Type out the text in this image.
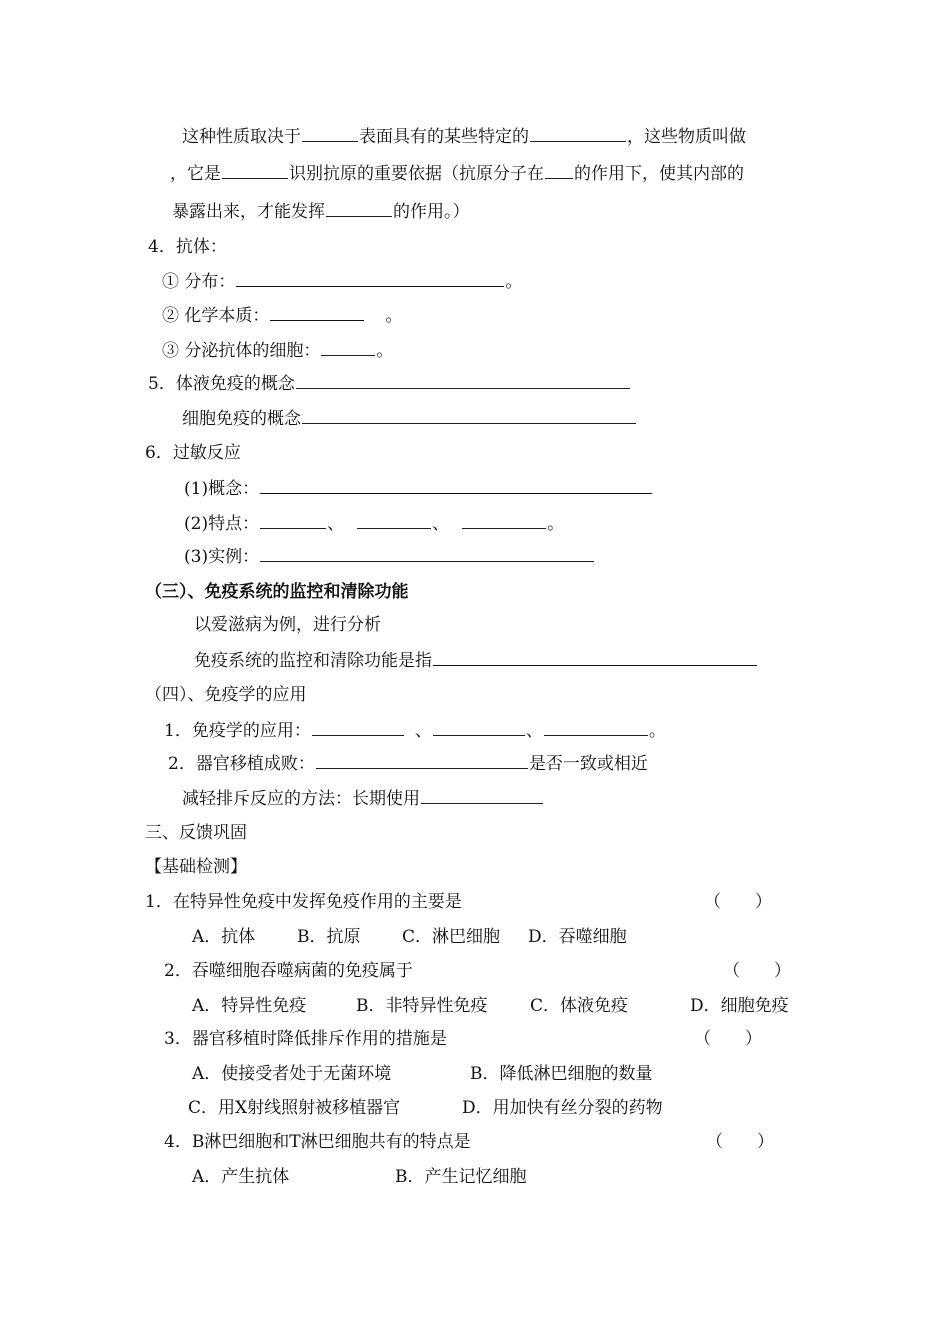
这种性质取决于	表面具有的某些特定的	，这些物质叫做
，它是	识别抗原的重要依据（抗原分子在 的作用下，使其内部的
暴露出来，才能发挥	的作用。）
4．抗体：
① 分布：	。
② 化学本质：	。
③ 分泌抗体的细胞：	。
5．体液免疫的概念
细胞免疫的概念
6．过敏反应
(1)概念：
(2)特点：	、	、	。
(3)实例：
（三）、免疫系统的监控和清除功能
以爱滋病为例，进行分析
免疫系统的监控和清除功能是指
（四）、免疫学的应用
1．免疫学的应用：	、	、	。
2．器官移植成败：	是否一致或相近
减轻排斥反应的方法：长期使用
三、反馈巩固
【基础检测】
1．在特异性免疫中发挥免疫作用的主要是	（　　）
A．抗体 B．抗原 C．淋巴细胞 D．吞噬细胞
2．吞噬细胞吞噬病菌的免疫属于	（　　）
A．特异性免疫	B．非特异性免疫	C．体液免疫	D．细胞免疫
3．器官移植时降低排斥作用的措施是	（　　）
A．使接受者处于无菌环境	B．降低淋巴细胞的数量
C．用X射线照射被移植器官	D．用加快有丝分裂的药物
4．B淋巴细胞和T淋巴细胞共有的特点是	（　　）
A．产生抗体	B．产生记忆细胞
